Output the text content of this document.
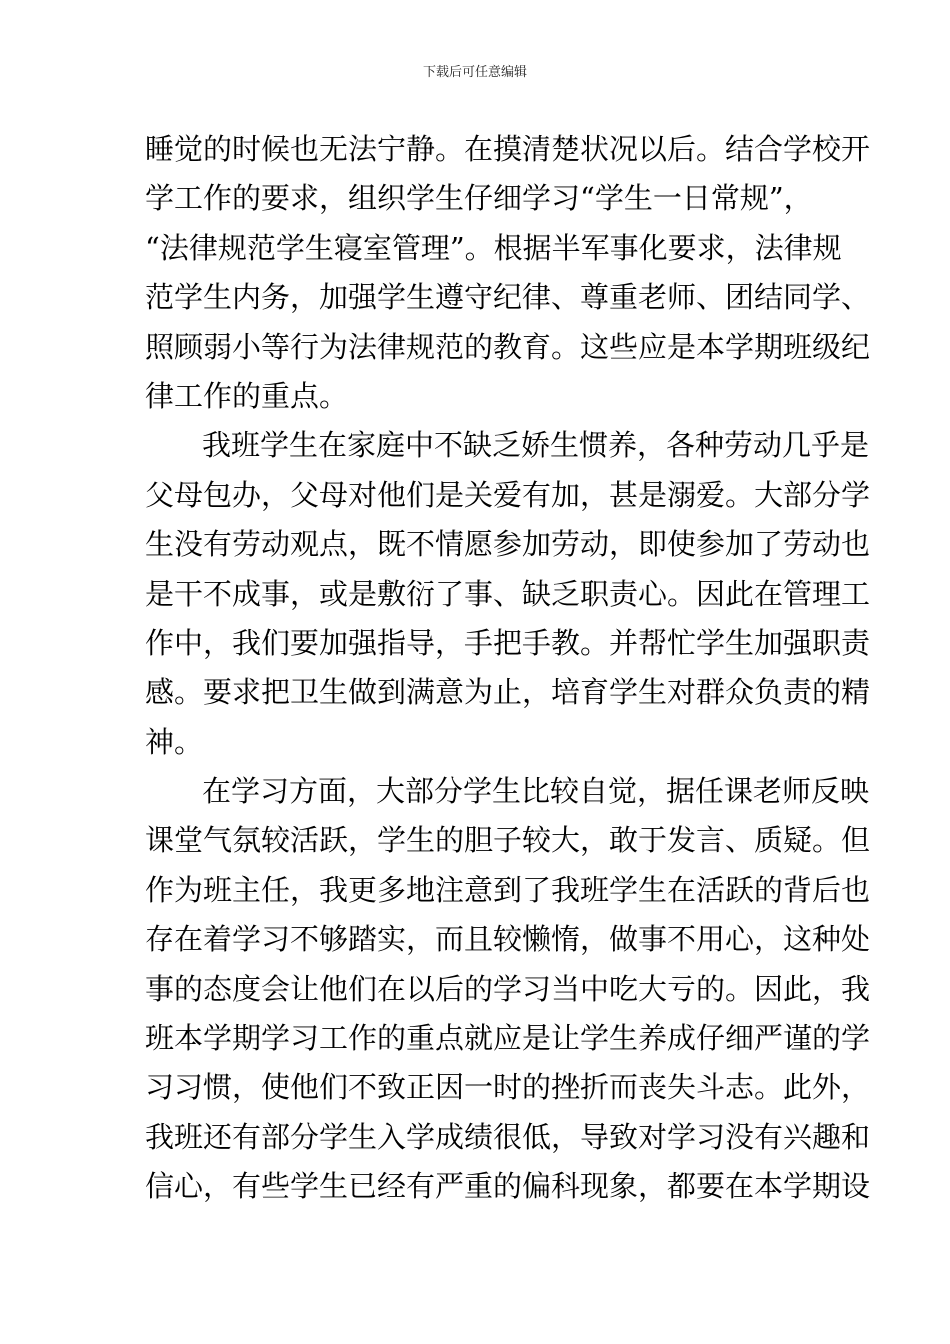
下载后可任意编辑
睡觉的时候也无法宁静。在摸清楚状况以后。结合学校开
学工作的要求，组织学生仔细学习“学生一日常规”，
“法律规范学生寝室管理”。根据半军事化要求，法律规
范学生内务，加强学生遵守纪律、尊重老师、团结同学、
照顾弱小等行为法律规范的教育。这些应是本学期班级纪
律工作的重点。
我班学生在家庭中不缺乏娇生惯养，各种劳动几乎是
父母包办，父母对他们是关爱有加，甚是溺爱。大部分学
生没有劳动观点，既不情愿参加劳动，即使参加了劳动也
是干不成事，或是敷衍了事、缺乏职责心。因此在管理工
作中，我们要加强指导，手把手教。并帮忙学生加强职责
感。要求把卫生做到满意为止，培育学生对群众负责的精
神。
在学习方面，大部分学生比较自觉，据任课老师反映
课堂气氛较活跃，学生的胆子较大，敢于发言、质疑。但
作为班主任，我更多地注意到了我班学生在活跃的背后也
存在着学习不够踏实，而且较懒惰，做事不用心，这种处
事的态度会让他们在以后的学习当中吃大亏的。因此，我
班本学期学习工作的重点就应是让学生养成仔细严谨的学
习习惯，使他们不致正因一时的挫折而丧失斗志。此外，
我班还有部分学生入学成绩很低，导致对学习没有兴趣和
信心，有些学生已经有严重的偏科现象，都要在本学期设
